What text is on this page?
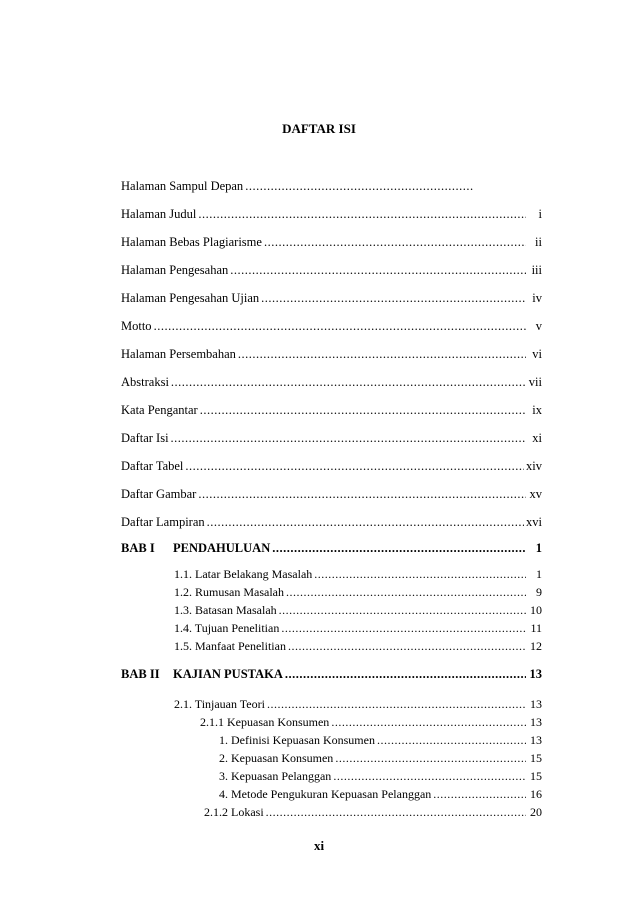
DAFTAR ISI
Halaman Sampul Depan
.....
Halaman Judul .....	i
Halaman Bebas Plagiarisme .....	ii
Halaman Pengesahan .....	iii
Halaman Pengesahan Ujian .....	iv
Motto .....	v
Halaman Persembahan .....	vi
Abstraksi .....	vii
Kata Pengantar .....	ix
Daftar Isi .....	xi
Daftar Tabel .....	xiv
Daftar Gambar .....	xv
Daftar Lampiran .....	xvi
BAB I PENDAHULUAN .....	1
1.1. Latar Belakang Masalah .....	1
1.2. Rumusan Masalah .....	9
1.3. Batasan Masalah .....	10
1.4. Tujuan Penelitian .....	11
1.5. Manfaat Penelitian .....	12
BAB II KAJIAN PUSTAKA .....	13
2.1. Tinjauan Teori .....	13
2.1.1 Kepuasan Konsumen .....	13
1. Definisi Kepuasan Konsumen .....	13
2. Kepuasan Konsumen .....	15
3. Kepuasan Pelanggan .....	15
4. Metode Pengukuran Kepuasan Pelanggan .....	16
2.1.2 Lokasi .....	20
xi
